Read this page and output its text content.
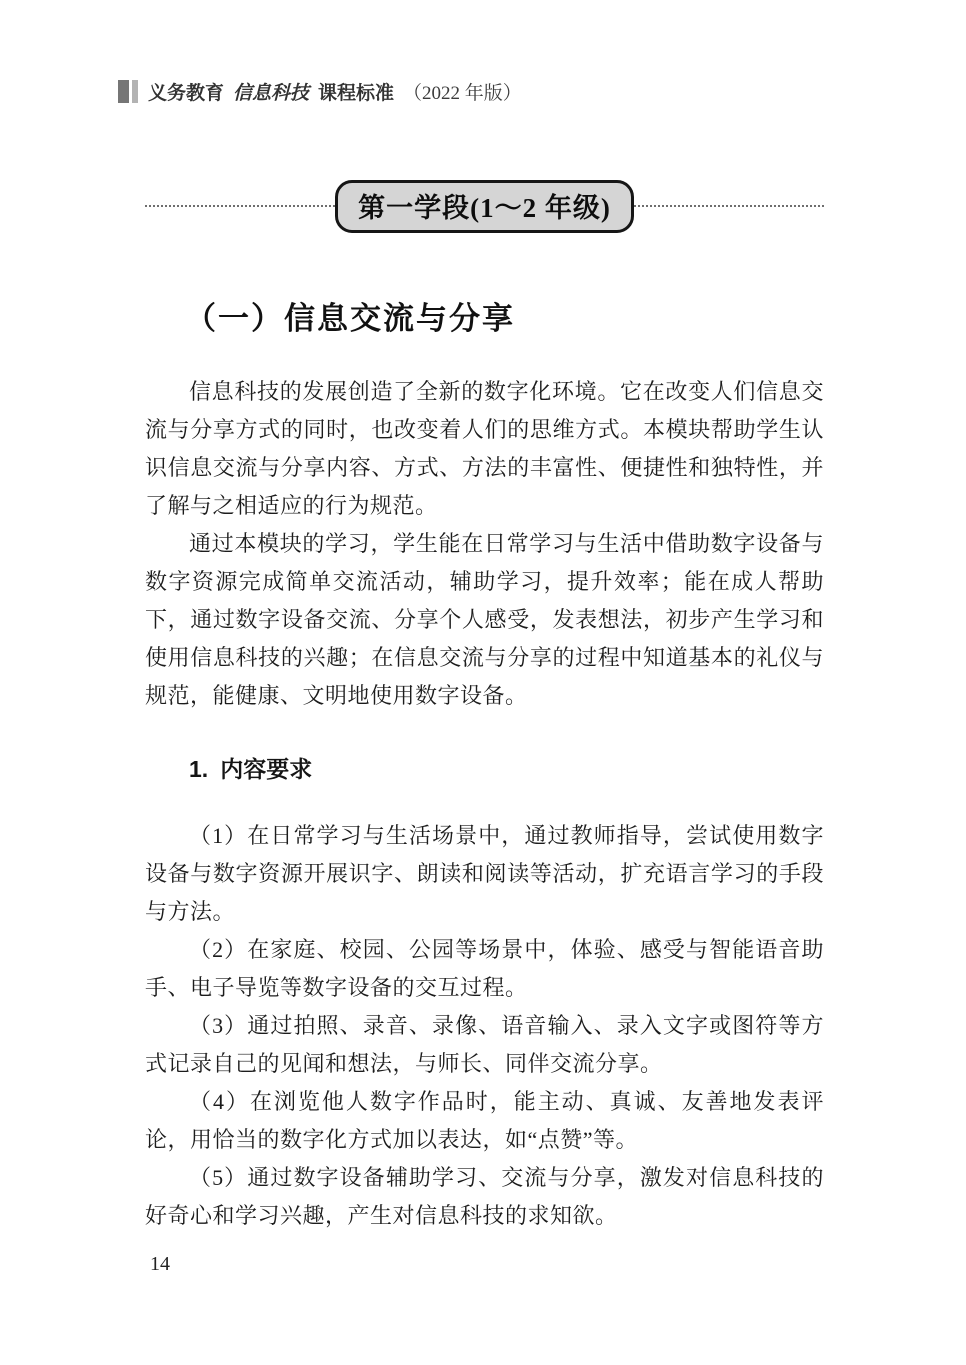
义务教育 信息科技 课程标准 （2022 年版）
第一学段(1～2 年级)
（一）信息交流与分享

信息科技的发展创造了全新的数字化环境。它在改变人们信息交流与分享方式的同时，也改变着人们的思维方式。本模块帮助学生认识信息交流与分享内容、方式、方法的丰富性、便捷性和独特性，并了解与之相适应的行为规范。

通过本模块的学习，学生能在日常学习与生活中借助数字设备与数字资源完成简单交流活动，辅助学习，提升效率；能在成人帮助下，通过数字设备交流、分享个人感受，发表想法，初步产生学习和使用信息科技的兴趣；在信息交流与分享的过程中知道基本的礼仪与规范，能健康、文明地使用数字设备。

1. 内容要求

（1）在日常学习与生活场景中，通过教师指导，尝试使用数字设备与数字资源开展识字、朗读和阅读等活动，扩充语言学习的手段与方法。

（2）在家庭、校园、公园等场景中，体验、感受与智能语音助手、电子导览等数字设备的交互过程。

（3）通过拍照、录音、录像、语音输入、录入文字或图符等方式记录自己的见闻和想法，与师长、同伴交流分享。

（4）在浏览他人数字作品时，能主动、真诚、友善地发表评论，用恰当的数字化方式加以表达，如“点赞”等。

（5）通过数字设备辅助学习、交流与分享，激发对信息科技的好奇心和学习兴趣，产生对信息科技的求知欲。

14
